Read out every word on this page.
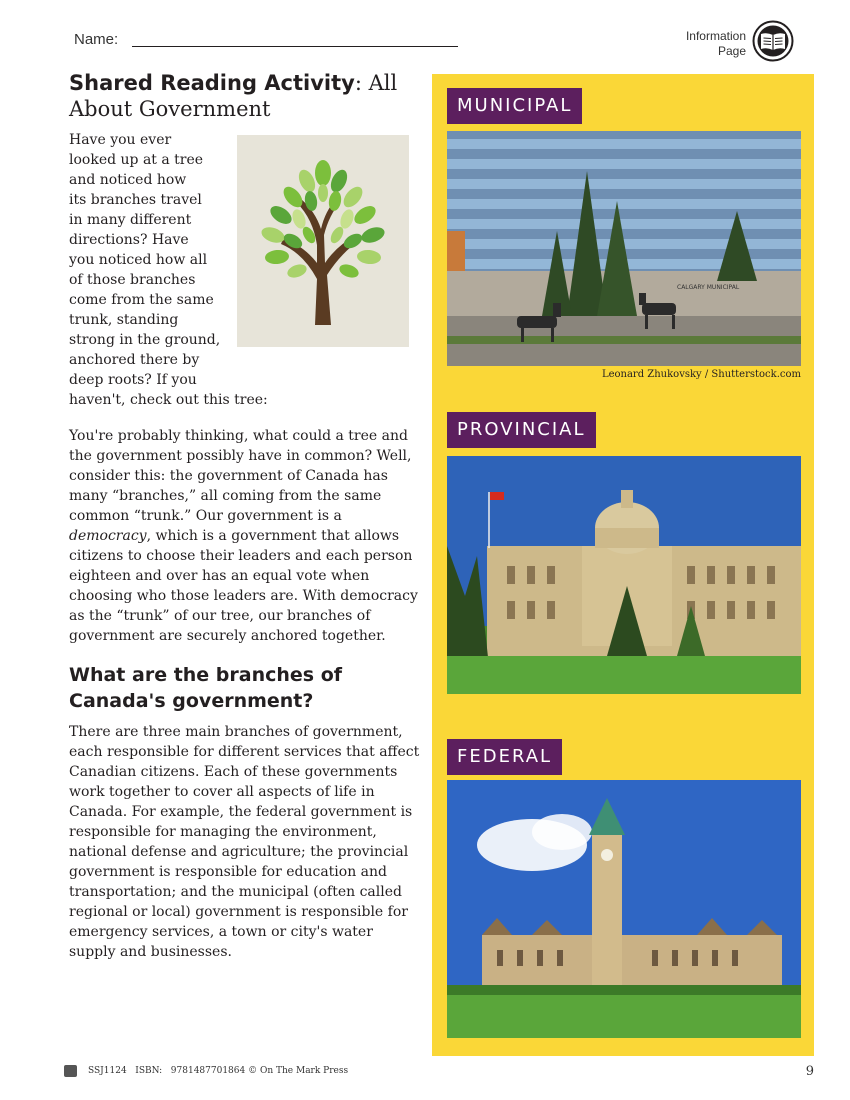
Name:	Information
Page
Shared Reading Activity: All About Government

Have you ever

looked up at a tree

and noticed how

its branches travel

in many different

directions? Have

you noticed how all

of those branches

come from the same

trunk, standing

strong in the ground,

anchored there by

deep roots? If you

haven't, check out this tree:

You're probably thinking, what could a tree and the government possibly have in common? Well, consider this: the government of Canada has many “branches,” all coming from the same common “trunk.” Our government is a democracy, which is a government that allows citizens to choose their leaders and each person eighteen and over has an equal vote when choosing who those leaders are. With democracy as the “trunk” of our tree, our branches of government are securely anchored together.

What are the branches of Canada's government?

There are three main branches of government, each responsible for different services that affect Canadian citizens. Each of these governments work together to cover all aspects of life in Canada. For example, the federal government is responsible for managing the environment, national defense and agriculture; the provincial government is responsible for education and transportation; and the municipal (often called regional or local) government is responsible for emergency services, a town or city's water supply and businesses.

MUNICIPAL
CALGARY MUNICIPAL
Leonard Zhukovsky / Shutterstock.com
PROVINCIAL
FEDERAL
SSJ1124 ISBN: 9781487701864 © On The Mark Press	9
